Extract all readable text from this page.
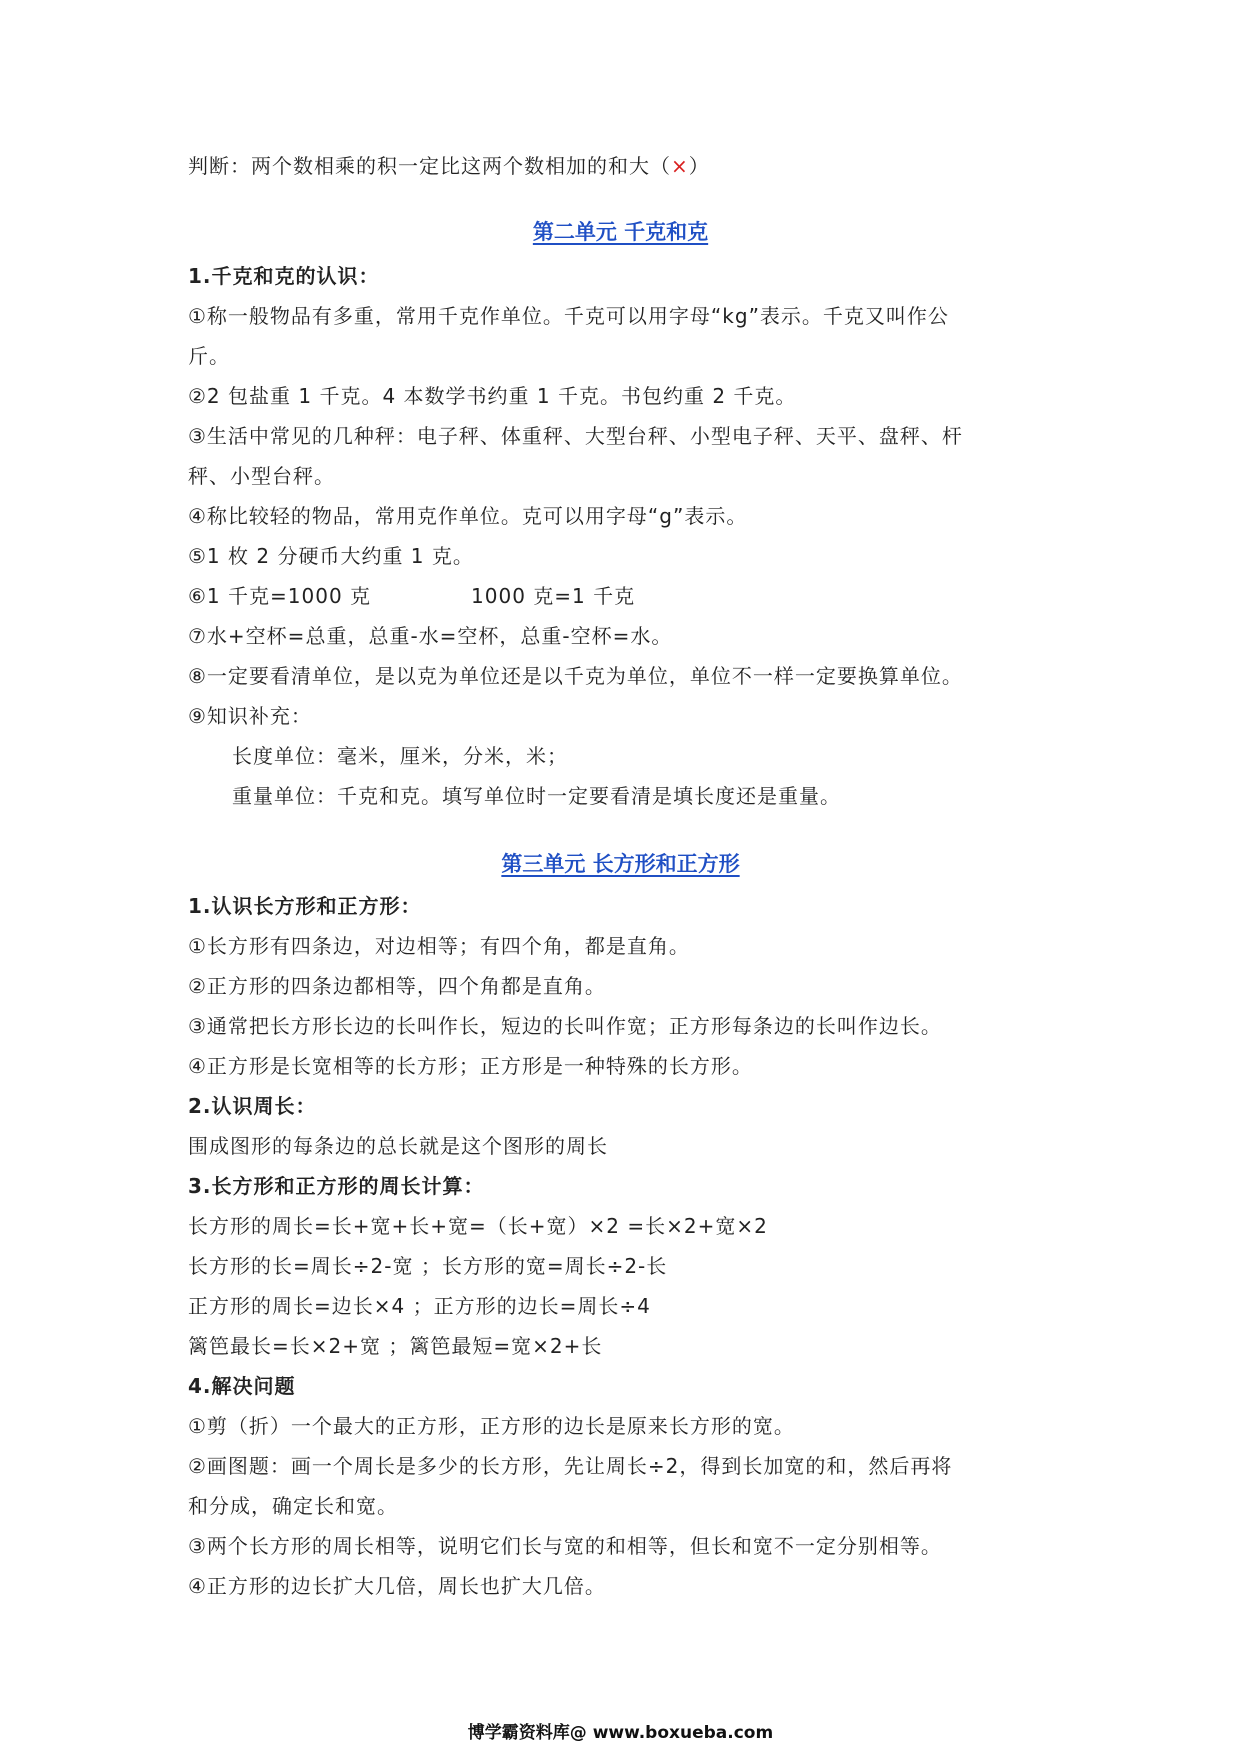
判断：两个数相乘的积一定比这两个数相加的和大（×）
第二单元 千克和克
1.千克和克的认识：
①称一般物品有多重，常用千克作单位。千克可以用字母“kg”表示。千克又叫作公
斤。
②2 包盐重 1 千克。4 本数学书约重 1 千克。书包约重 2 千克。
③生活中常见的几种秤：电子秤、体重秤、大型台秤、小型电子秤、天平、盘秤、杆
秤、小型台秤。
④称比较轻的物品，常用克作单位。克可以用字母“g”表示。
⑤1 枚 2 分硬币大约重 1 克。
⑥1 千克=1000 克	1000 克=1 千克
⑦水+空杯=总重，总重-水=空杯，总重-空杯=水。
⑧一定要看清单位，是以克为单位还是以千克为单位，单位不一样一定要换算单位。
⑨知识补充：
长度单位：毫米，厘米，分米，米；
重量单位：千克和克。填写单位时一定要看清是填长度还是重量。
第三单元 长方形和正方形
1.认识长方形和正方形：
①长方形有四条边，对边相等；有四个角，都是直角。
②正方形的四条边都相等，四个角都是直角。
③通常把长方形长边的长叫作长，短边的长叫作宽；正方形每条边的长叫作边长。
④正方形是长宽相等的长方形；正方形是一种特殊的长方形。
2.认识周长：
围成图形的每条边的总长就是这个图形的周长
3.长方形和正方形的周长计算：
长方形的周长=长+宽+长+宽=（长+宽）×2 =长×2+宽×2
长方形的长=周长÷2-宽 ；长方形的宽=周长÷2-长
正方形的周长=边长×4 ；正方形的边长=周长÷4
篱笆最长=长×2+宽 ；篱笆最短=宽×2+长
4.解决问题
①剪（折）一个最大的正方形，正方形的边长是原来长方形的宽。
②画图题：画一个周长是多少的长方形，先让周长÷2，得到长加宽的和，然后再将
和分成，确定长和宽。
③两个长方形的周长相等，说明它们长与宽的和相等，但长和宽不一定分别相等。
④正方形的边长扩大几倍，周长也扩大几倍。
博学霸资料库@ www.boxueba.com
